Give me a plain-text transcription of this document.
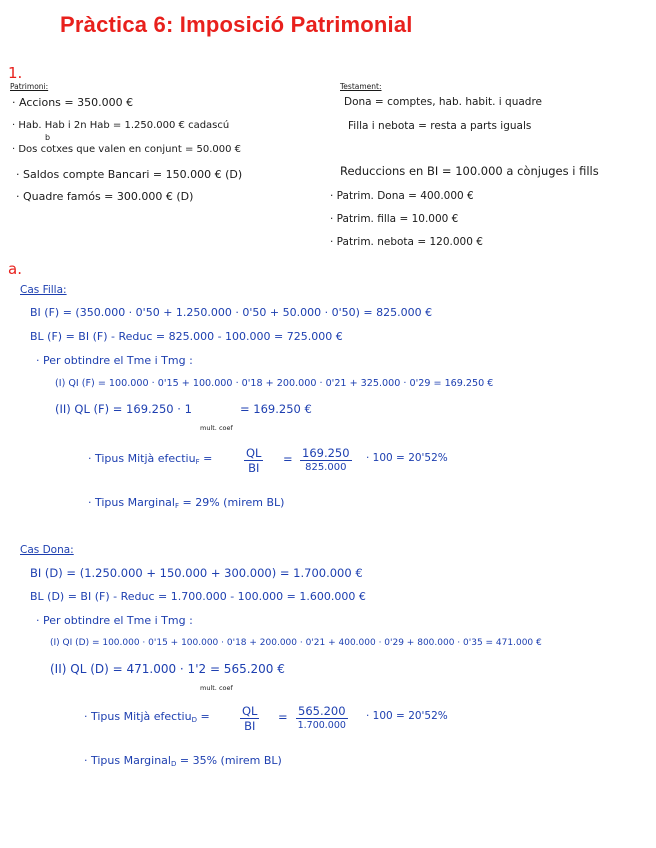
Pràctica 6: Imposició Patrimonial
1.
Patrimoni:
· Accions = 350.000 €
· Hab. Hab i 2n Hab = 1.250.000 € cadascú
b
· Dos cotxes que valen en conjunt = 50.000 €
· Saldos compte Bancari = 150.000 € (D)
· Quadre famós = 300.000 € (D)
Testament:
Dona = comptes, hab. habit. i quadre
Filla i nebota = resta a parts iguals
Reduccions en BI = 100.000 a cònjuges i fills
· Patrim. Dona = 400.000 €
· Patrim. filla = 10.000 €
· Patrim. nebota = 120.000 €
a.
Cas Filla:
BI (F) = (350.000 · 0'50 + 1.250.000 · 0'50 + 50.000 · 0'50) = 825.000 €
BL (F) = BI (F) - Reduc = 825.000 - 100.000 = 725.000 €
· Per obtindre el Tme i Tmg :
(I) QI (F) = 100.000 · 0'15 + 100.000 · 0'18 + 200.000 · 0'21 + 325.000 · 0'29 = 169.250 €
(II) QL (F) = 169.250 · 1	= 169.250 €
mult. coef
· Tipus Mitjà efectiu$_F$ =	$\frac{QL}{BI} = \frac{169.250}{825.000} \cdot 100 = 20'52\%$
· Tipus Marginal$_F$ = 29% (mirem BL)
Cas Dona:
BI (D) = (1.250.000 + 150.000 + 300.000) = 1.700.000 €
BL (D) = BI (F) - Reduc = 1.700.000 - 100.000 = 1.600.000 €
· Per obtindre el Tme i Tmg :
(I) QI (D) = 100.000 · 0'15 + 100.000 · 0'18 + 200.000 · 0'21 + 400.000 · 0'29 + 800.000 · 0'35 = 471.000 €
(II) QL (D) = 471.000 · 1'2 = 565.200 €
mult. coef
· Tipus Mitjà efectiu$_D$ =	$\frac{QL}{BI} = 565.200$
1.700.000
· 100 = 20'52%
· Tipus Marginal$_D$ = 35% (mirem BL)
